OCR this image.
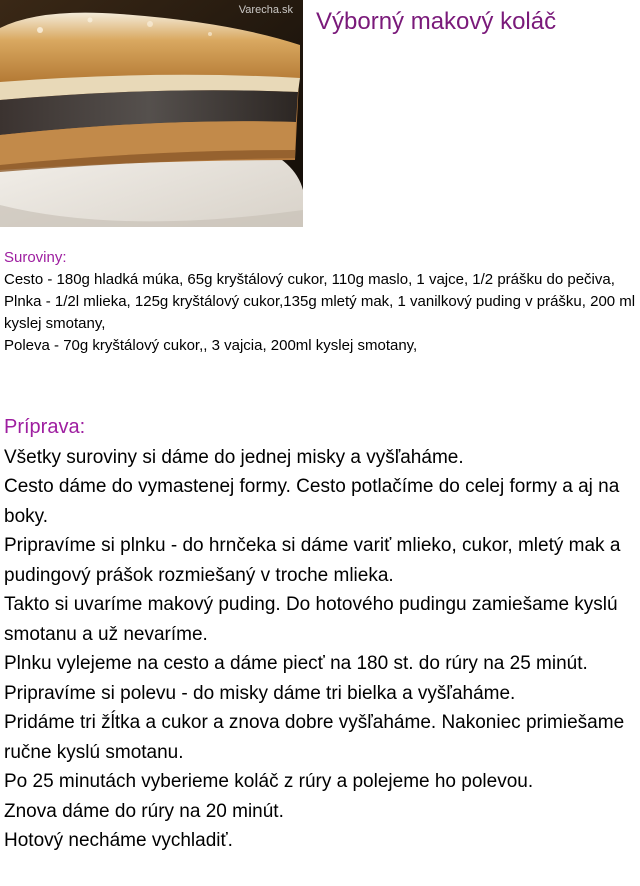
Varecha.sk Výborný makový koláč
Suroviny:
Cesto - 180g hladká múka, 65g kryštálový cukor, 110g maslo, 1 vajce, 1/2 prášku do pečiva,
Plnka - 1/2l mlieka, 125g kryštálový cukor,135g mletý mak, 1 vanilkový puding v prášku, 200 ml kyslej smotany,
Poleva - 70g kryštálový cukor,, 3 vajcia, 200ml kyslej smotany,
Príprava:
Všetky suroviny si dáme do jednej misky a vyšľaháme.
Cesto dáme do vymastenej formy. Cesto potlačíme do celej formy a aj na boky.
Pripravíme si plnku - do hrnčeka si dáme variť mlieko, cukor, mletý mak a pudingový prášok rozmiešaný v troche mlieka.
Takto si uvaríme makový puding. Do hotového pudingu zamiešame kyslú smotanu a už nevaríme.
Plnku vylejeme na cesto a dáme piecť na 180 st. do rúry na 25 minút.
Pripravíme si polevu - do misky dáme tri bielka a vyšľaháme.
Pridáme tri žĺtka a cukor a znova dobre vyšľaháme. Nakoniec primiešame ručne kyslú smotanu.
Po 25 minutách vyberieme koláč z rúry a polejeme ho polevou.
Znova dáme do rúry na 20 minút.
Hotový necháme vychladiť.
